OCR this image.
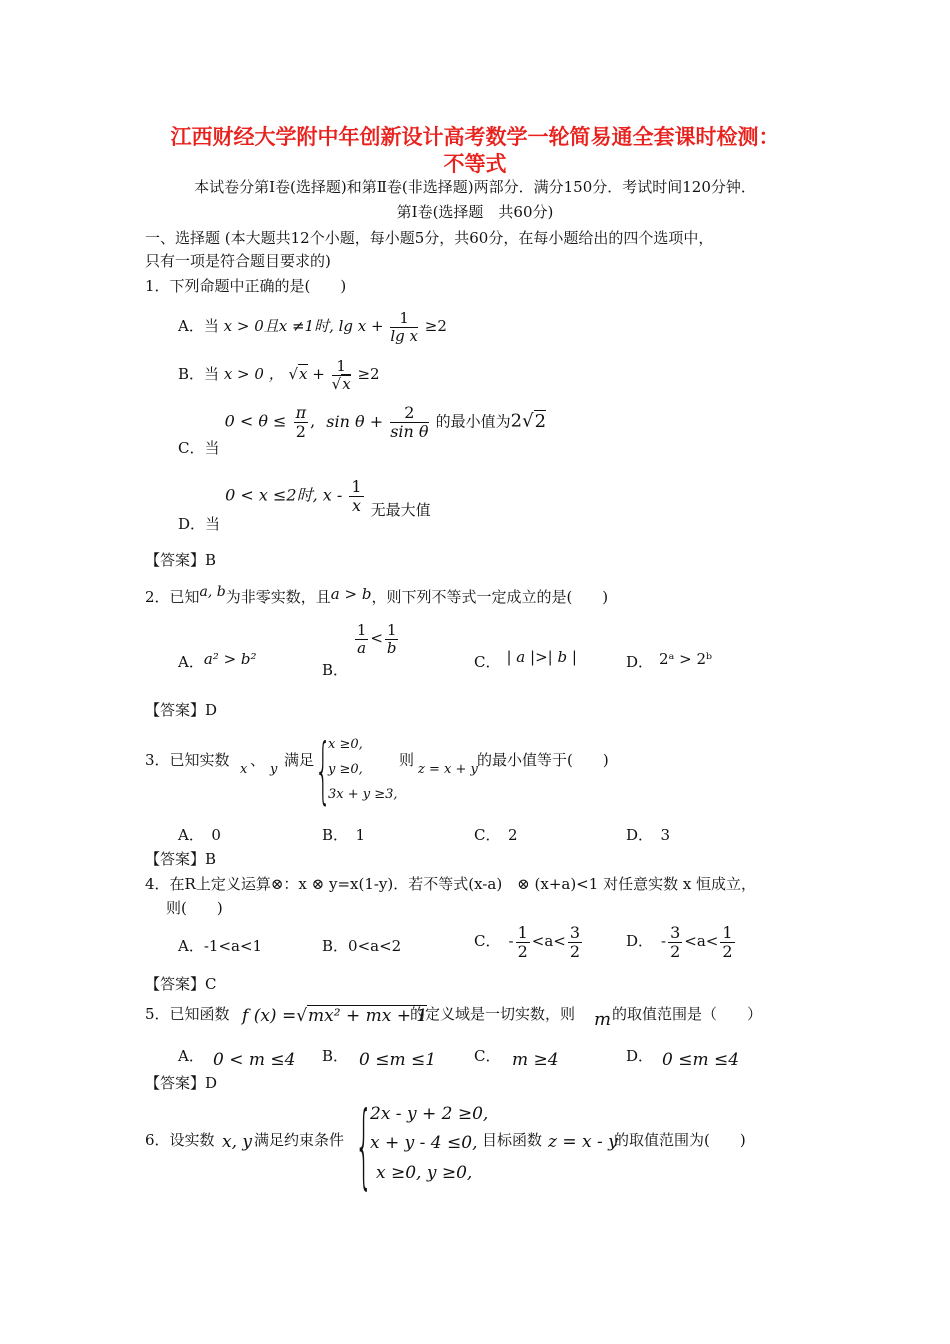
江西财经大学附中年创新设计高考数学一轮简易通全套课时检测：
不等式
本试卷分第Ⅰ卷(选择题)和第Ⅱ卷(非选择题)两部分．满分150分．考试时间120分钟．
第Ⅰ卷(选择题　共60分)
一、选择题 (本大题共12个小题，每小题5分，共60分，在每小题给出的四个选项中，
只有一项是符合题目要求的)
1．下列命题中正确的是(　　)
A．当 x > 0且x ≠1时, $\lg x + \frac{1}{\text{lg x}} \ge 2$
B．当 x > 0 ， $√x + \frac{1}{√x} \ge 2$
C．当 $0 < \theta \le \frac{\pi}{2}$ , $\sin \theta + \frac{2}{\text{sin θ}}$ 的最小值为2√2
D．当 0 < x ≤2时, x - $\frac{1}{x}$ 无最大值
【答案】B
2．已知$^{a, b}$为非零实数，且a > b，则下列不等式一定成立的是(　　)
A．a² > b²
B．
$\frac{1}{a} < \frac{1}{b}$
C． | a |>| b |	D． 2ᵃ > 2ᵇ
【答案】D
3．已知实数
x
、
y
满足 {
x ≥0,
y ≥0,
3x + y ≥3,
则
z = x + y
的最小值等于(　　)
A．　0	B．　1	C．　2	D．　3
【答案】B
4．在R上定义运算⊗：x ⊗ y=x(1-y)．若不等式(x-a)　⊗ (x+a)<1 对任意实数 x 恒成立，
则(　　)
A．-1<a<1	B．0<a<2	C． - $\frac{1}{2} <a< \frac{3}{2}$	D． - $\frac{3}{2} <a< \frac{1}{2}$
【答案】C
5．已知函数 f (x) =√mx² + mx + 1
的定义域是一切实数，则 m 的取值范围是（　　）
A． 0 < m ≤4 B． 0 ≤m ≤1	C． m ≥4	D． 0 ≤m ≤4
【答案】D
6．设实数 x, y 满足约束条件 {
2x - y + 2 ≥0,
x + y - 4 ≤0,
x ≥0, y ≥0,
目标函数 z = x - y
的取值范围为(　　)
